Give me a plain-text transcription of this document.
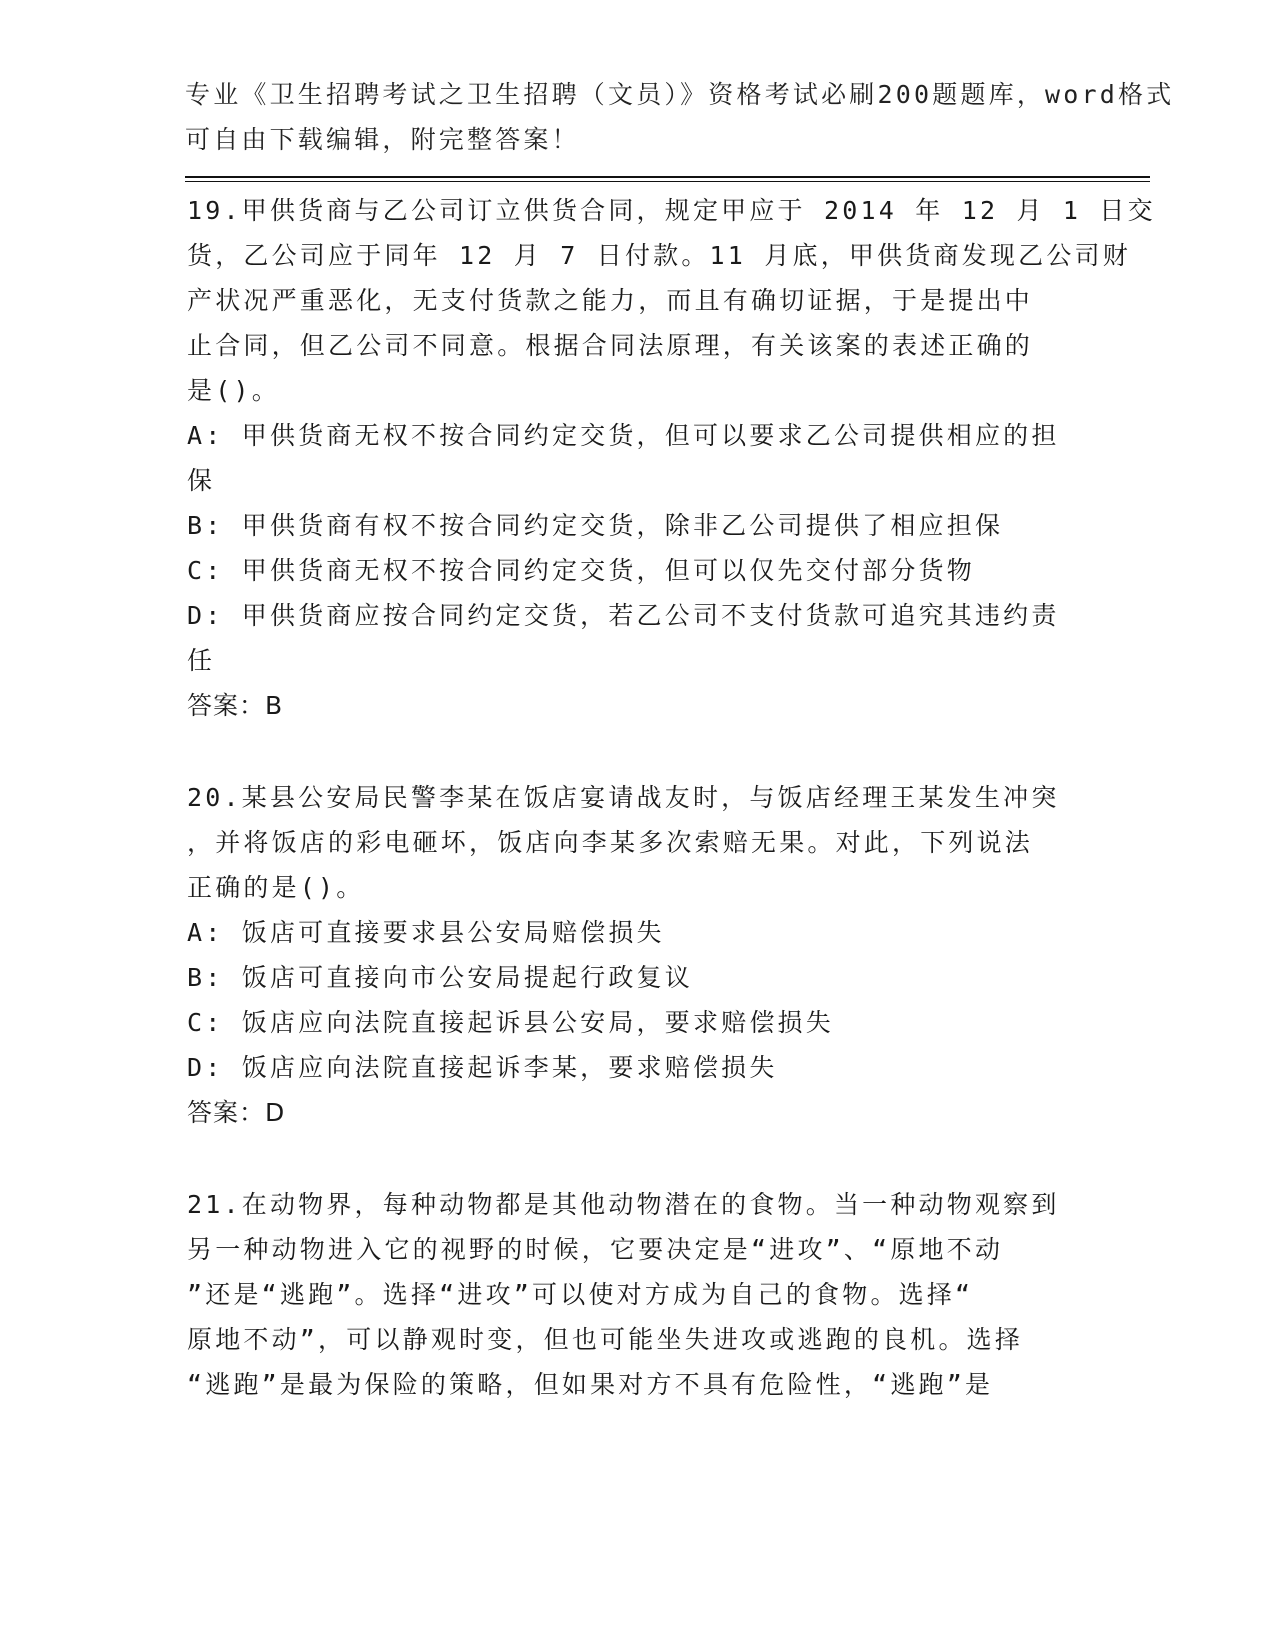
专业《卫生招聘考试之卫生招聘（文员）》资格考试必刷200题题库，word格式
可自由下载编辑，附完整答案！
19.甲供货商与乙公司订立供货合同，规定甲应于 2014 年 12 月 1 日交
货，乙公司应于同年 12 月 7 日付款。11 月底，甲供货商发现乙公司财
产状况严重恶化，无支付货款之能力，而且有确切证据，于是提出中
止合同，但乙公司不同意。根据合同法原理，有关该案的表述正确的
是()。
A: 甲供货商无权不按合同约定交货，但可以要求乙公司提供相应的担
保
B: 甲供货商有权不按合同约定交货，除非乙公司提供了相应担保
C: 甲供货商无权不按合同约定交货，但可以仅先交付部分货物
D: 甲供货商应按合同约定交货，若乙公司不支付货款可追究其违约责
任
答案：B
20.某县公安局民警李某在饭店宴请战友时，与饭店经理王某发生冲突
，并将饭店的彩电砸坏，饭店向李某多次索赔无果。对此，下列说法
正确的是()。
A: 饭店可直接要求县公安局赔偿损失
B: 饭店可直接向市公安局提起行政复议
C: 饭店应向法院直接起诉县公安局，要求赔偿损失
D: 饭店应向法院直接起诉李某，要求赔偿损失
答案：D
21.在动物界，每种动物都是其他动物潜在的食物。当一种动物观察到
另一种动物进入它的视野的时候，它要决定是“进攻”、“原地不动
”还是“逃跑”。选择“进攻”可以使对方成为自己的食物。选择“
原地不动”，可以静观时变，但也可能坐失进攻或逃跑的良机。选择
“逃跑”是最为保险的策略，但如果对方不具有危险性，“逃跑”是
